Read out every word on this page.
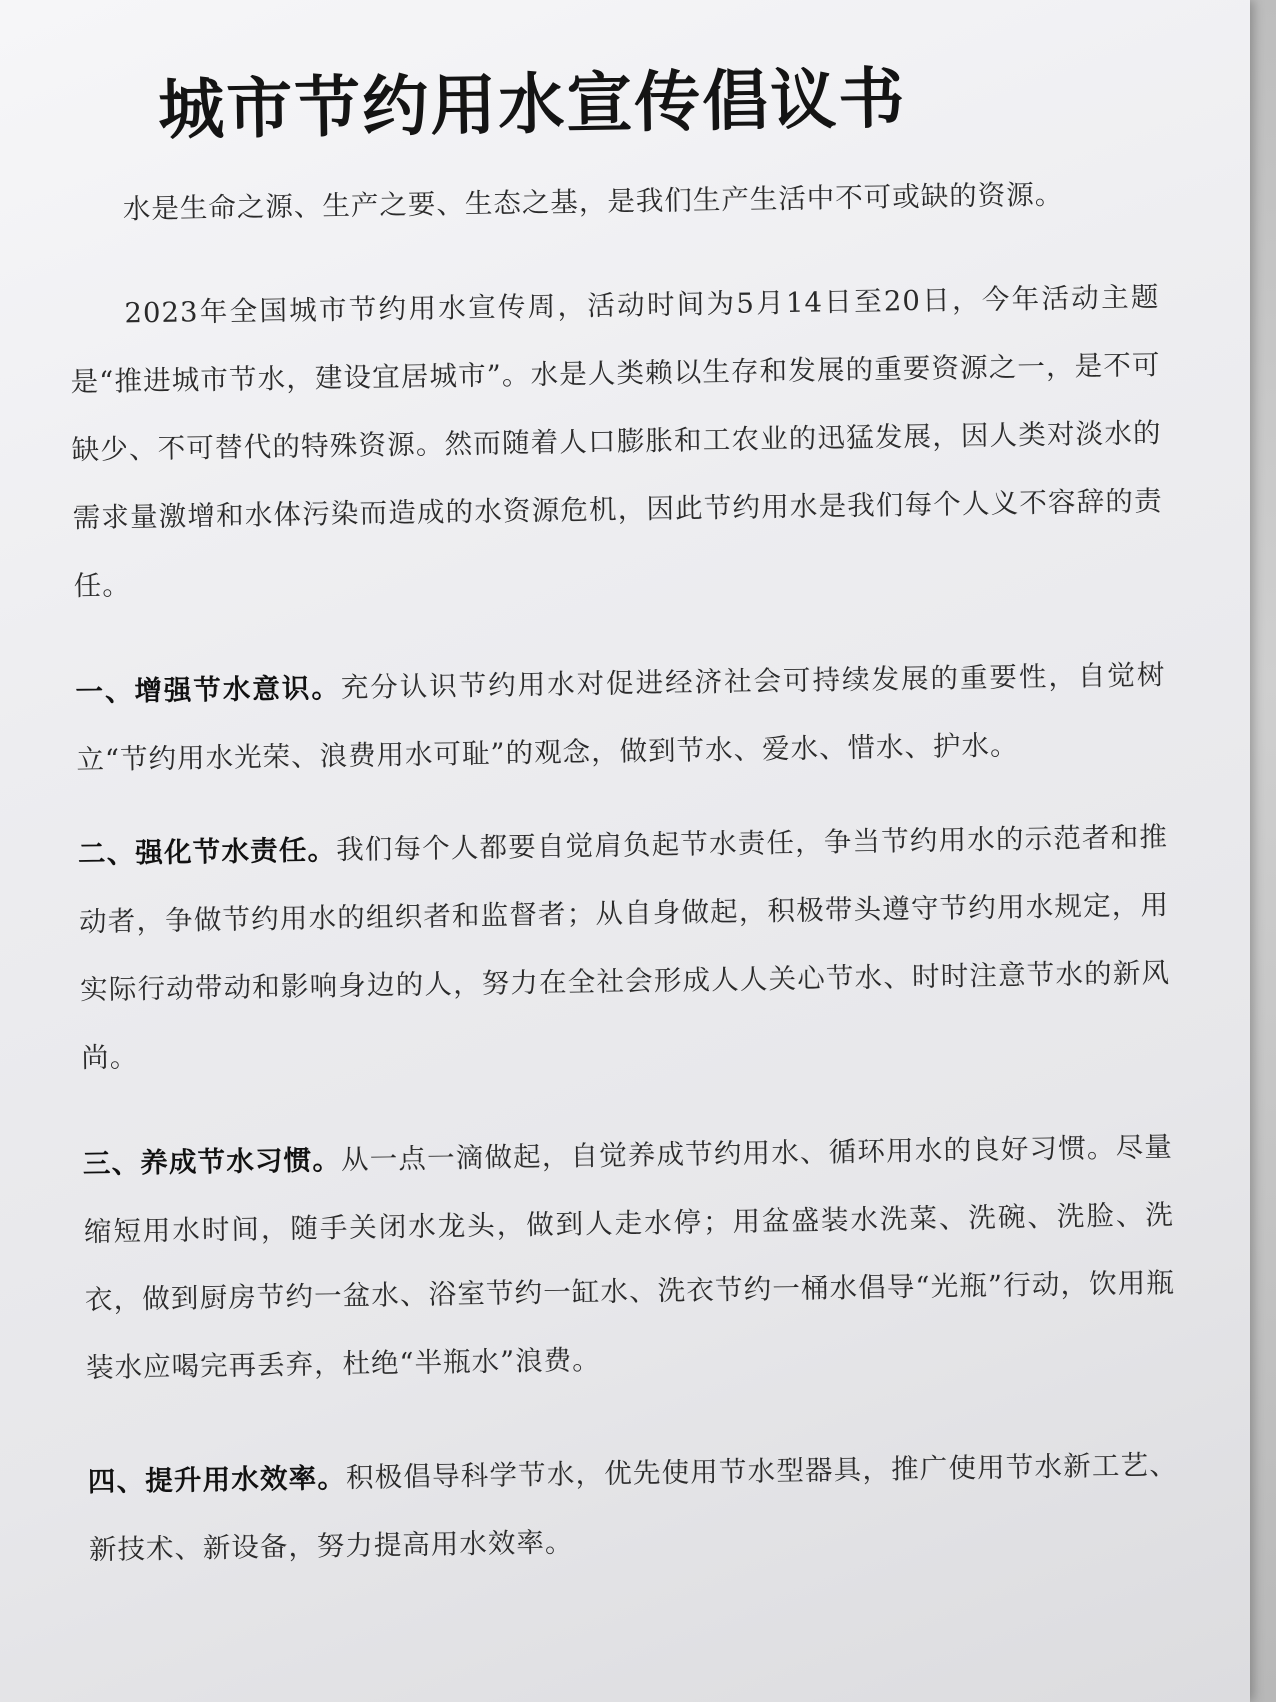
城市节约用水宣传倡议书

水是生命之源、生产之要、生态之基，是我们生产生活中不可或缺的资源。

2023年全国城市节约用水宣传周，活动时间为5月14日至20日，今年活动主题是“推进城市节水，建设宜居城市”。水是人类赖以生存和发展的重要资源之一，是不可缺少、不可替代的特殊资源。然而随着人口膨胀和工农业的迅猛发展，因人类对淡水的需求量激增和水体污染而造成的水资源危机，因此节约用水是我们每个人义不容辞的责任。

一、增强节水意识。充分认识节约用水对促进经济社会可持续发展的重要性，自觉树立“节约用水光荣、浪费用水可耻”的观念，做到节水、爱水、惜水、护水。

二、强化节水责任。我们每个人都要自觉肩负起节水责任，争当节约用水的示范者和推动者，争做节约用水的组织者和监督者；从自身做起，积极带头遵守节约用水规定，用实际行动带动和影响身边的人，努力在全社会形成人人关心节水、时时注意节水的新风尚。

三、养成节水习惯。从一点一滴做起，自觉养成节约用水、循环用水的良好习惯。尽量缩短用水时间，随手关闭水龙头，做到人走水停；用盆盛装水洗菜、洗碗、洗脸、洗衣，做到厨房节约一盆水、浴室节约一缸水、洗衣节约一桶水倡导“光瓶”行动，饮用瓶装水应喝完再丢弃，杜绝“半瓶水”浪费。

四、提升用水效率。积极倡导科学节水，优先使用节水型器具，推广使用节水新工艺、新技术、新设备，努力提高用水效率。
